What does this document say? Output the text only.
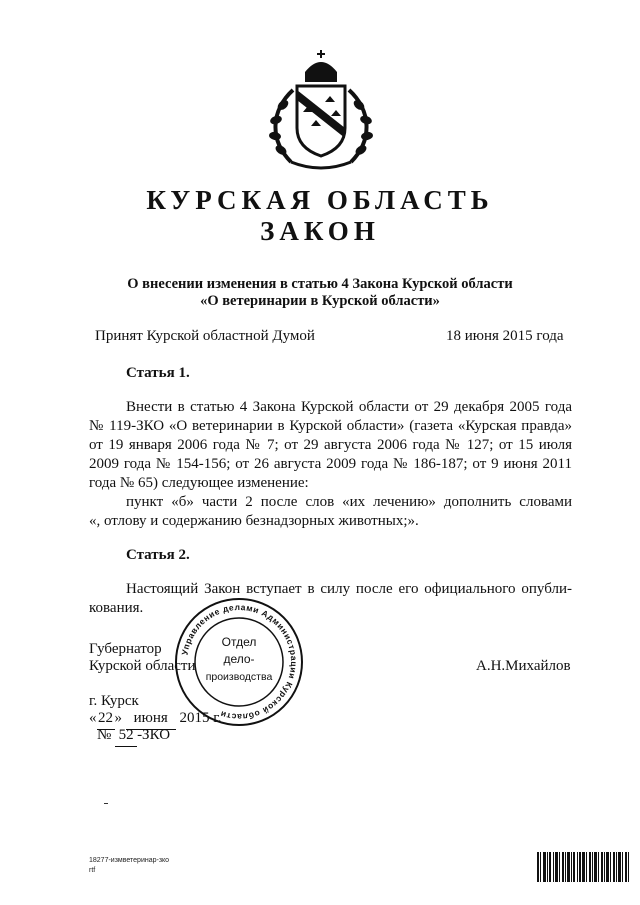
КУРСКАЯ ОБЛАСТЬ
ЗАКОН
О внесении изменения в статью 4 Закона Курской области
«О ветеринарии в Курской области»
Принят Курской областной Думой	18 июня 2015 года
Статья 1.
Внести в статью 4 Закона Курской области от 29 декабря 2005 года
№ 119-ЗКО «О ветеринарии в Курской области» (газета «Курская правда»
от 19 января 2006 года № 7; от 29 августа 2006 года № 127; от 15 июля
2009 года № 154-156; от 26 августа 2009 года № 186-187; от 9 июня 2011
года № 65) следующее изменение:
пункт «б» части 2 после слов «их лечению» дополнить словами
«, отлову и содержанию безнадзорных животных;».
Статья 2.
Настоящий Закон вступает в силу после его официального опубли-
кования.
Губернатор
Курской области	А.Н.Михайлов
Управление делами Администрации Курской области
Отдел
дело-
производства
г. Курск
« 22 » июня 2015 г.
№ 52 -ЗКО
18277-измветеринар-зко
rtf
